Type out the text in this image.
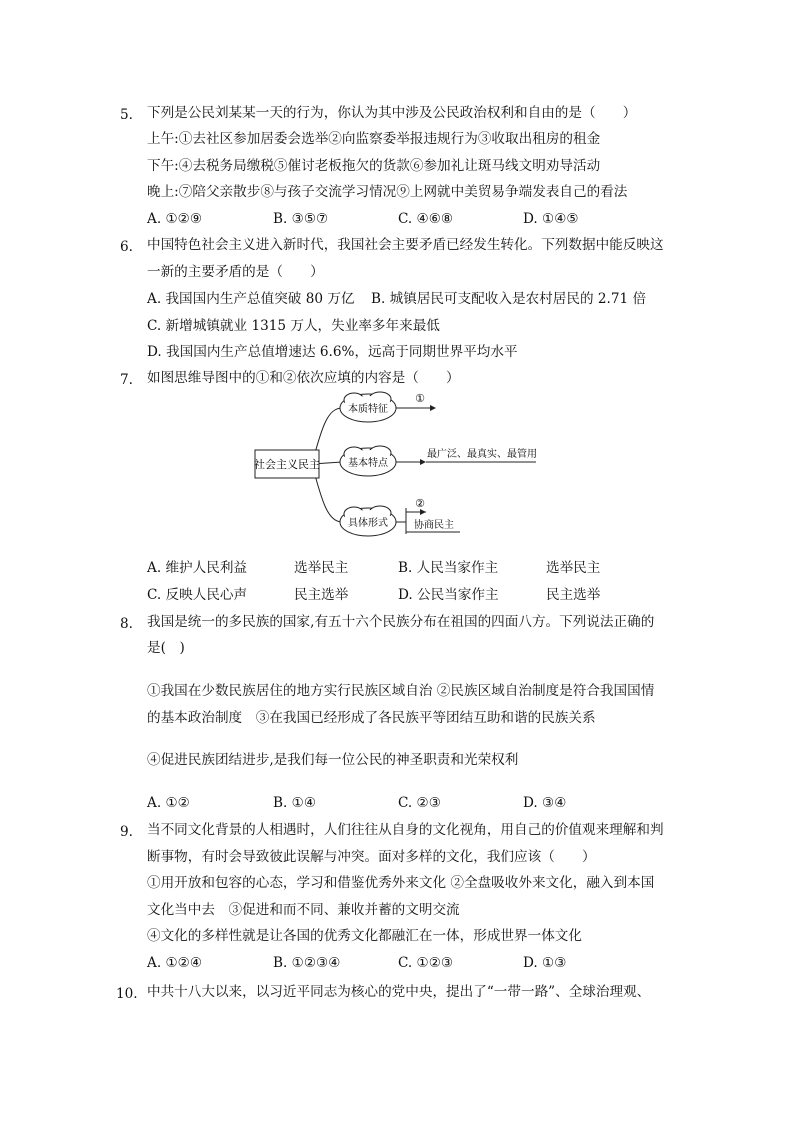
5. 下列是公民刘某某一天的行为，你认为其中涉及公民政治权利和自由的是（　　）
上午:①去社区参加居委会选举②向监察委举报违规行为③收取出租房的租金
下午:④去税务局缴税⑤催讨老板拖欠的货款⑥参加礼让斑马线文明劝导活动
晚上:⑦陪父亲散步⑧与孩子交流学习情况⑨上网就中美贸易争端发表自己的看法
A. ①②⑨	B. ③⑤⑦	C. ④⑥⑧	D. ①④⑤
6. 中国特色社会主义进入新时代，我国社会主要矛盾已经发生转化。下列数据中能反映这
一新的主要矛盾的是（　　）
A. 我国国内生产总值突破 80 万亿 B. 城镇居民可支配收入是农村居民的 2.71 倍
C. 新增城镇就业 1315 万人，失业率多年来最低
D. 我国国内生产总值增速达 6.6%，远高于同期世界平均水平
7. 如图思维导图中的①和②依次应填的内容是（　　）
社会主义民主
本质特征
①
基本特点
最广泛、最真实、最管用
具体形式
②
协商民主
A. 维护人民利益	选举民主	B. 人民当家作主	选举民主
C. 反映人民心声	民主选举	D. 公民当家作主	民主选举
8. 我国是统一的多民族的国家,有五十六个民族分布在祖国的四面八方。下列说法正确的
是(　)
①我国在少数民族居住的地方实行民族区域自治 ②民族区域自治制度是符合我国国情
的基本政治制度　③在我国已经形成了各民族平等团结互助和谐的民族关系
④促进民族团结进步,是我们每一位公民的神圣职责和光荣权利
A. ①②	B. ①④	C. ②③	D. ③④
9. 当不同文化背景的人相遇时，人们往往从自身的文化视角，用自己的价值观来理解和判
断事物，有时会导致彼此误解与冲突。面对多样的文化，我们应该（　　）
①用开放和包容的心态，学习和借鉴优秀外来文化 ②全盘吸收外来文化，融入到本国
文化当中去　③促进和而不同、兼收并蓄的文明交流
④文化的多样性就是让各国的优秀文化都融汇在一体，形成世界一体文化
A. ①②④	B. ①②③④	C. ①②③	D. ①③
10. 中共十八大以来，以习近平同志为核心的党中央，提出了“一带一路”、全球治理观、
